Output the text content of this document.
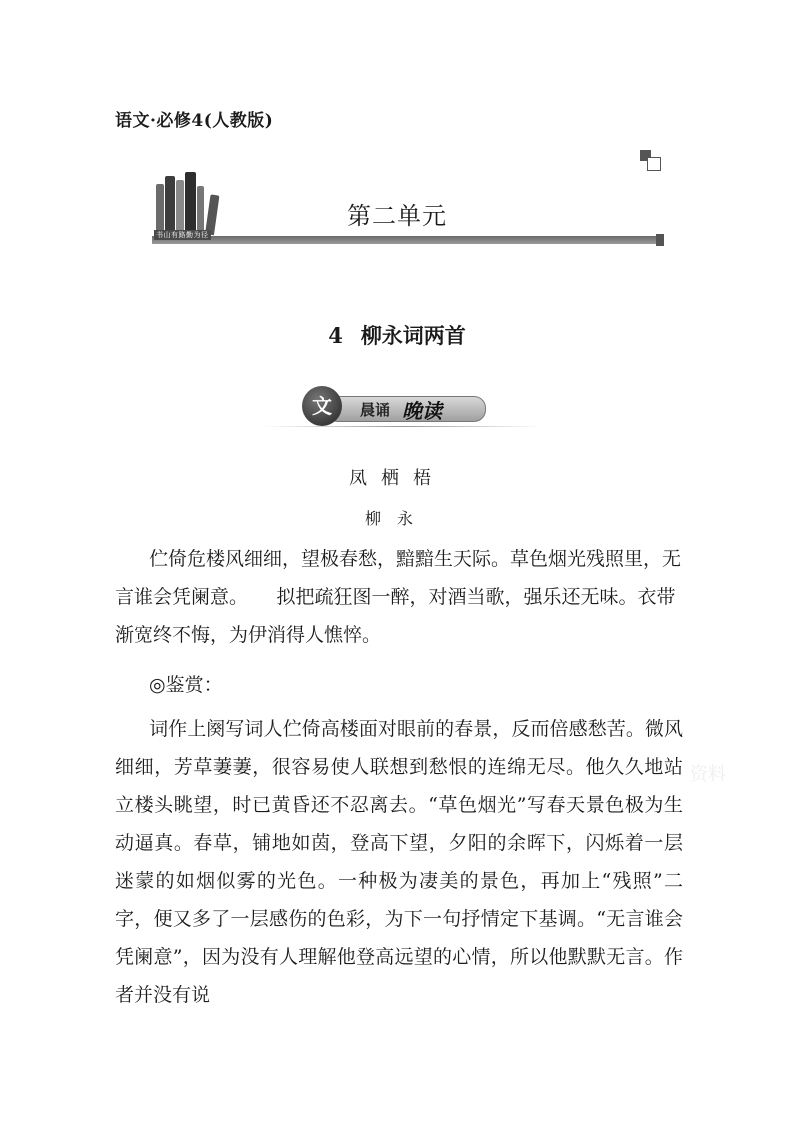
语文·必修4(人教版)
书山有路勤为径
第二单元
4 柳永词两首
文	晨诵 晚读
凤栖梧
柳永
伫倚危楼风细细，望极春愁，黯黯生天际。草色烟光残照里，无
言谁会凭阑意。　　拟把疏狂图一醉，对酒当歌，强乐还无味。衣带
渐宽终不悔，为伊消得人憔悴。
◎鉴赏：
词作上阕写词人伫倚高楼面对眼前的春景，反而倍感愁苦。微风细细，芳草萋萋，很容易使人联想到愁恨的连绵无尽。他久久地站立楼头眺望，时已黄昏还不忍离去。“草色烟光”写春天景色极为生动逼真。春草，铺地如茵，登高下望，夕阳的余晖下，闪烁着一层迷蒙的如烟似雾的光色。一种极为凄美的景色，再加上“残照”二字，便又多了一层感伤的色彩，为下一句抒情定下基调。“无言谁会凭阑意”，因为没有人理解他登高远望的心情，所以他默默无言。作者并没有说
资料
